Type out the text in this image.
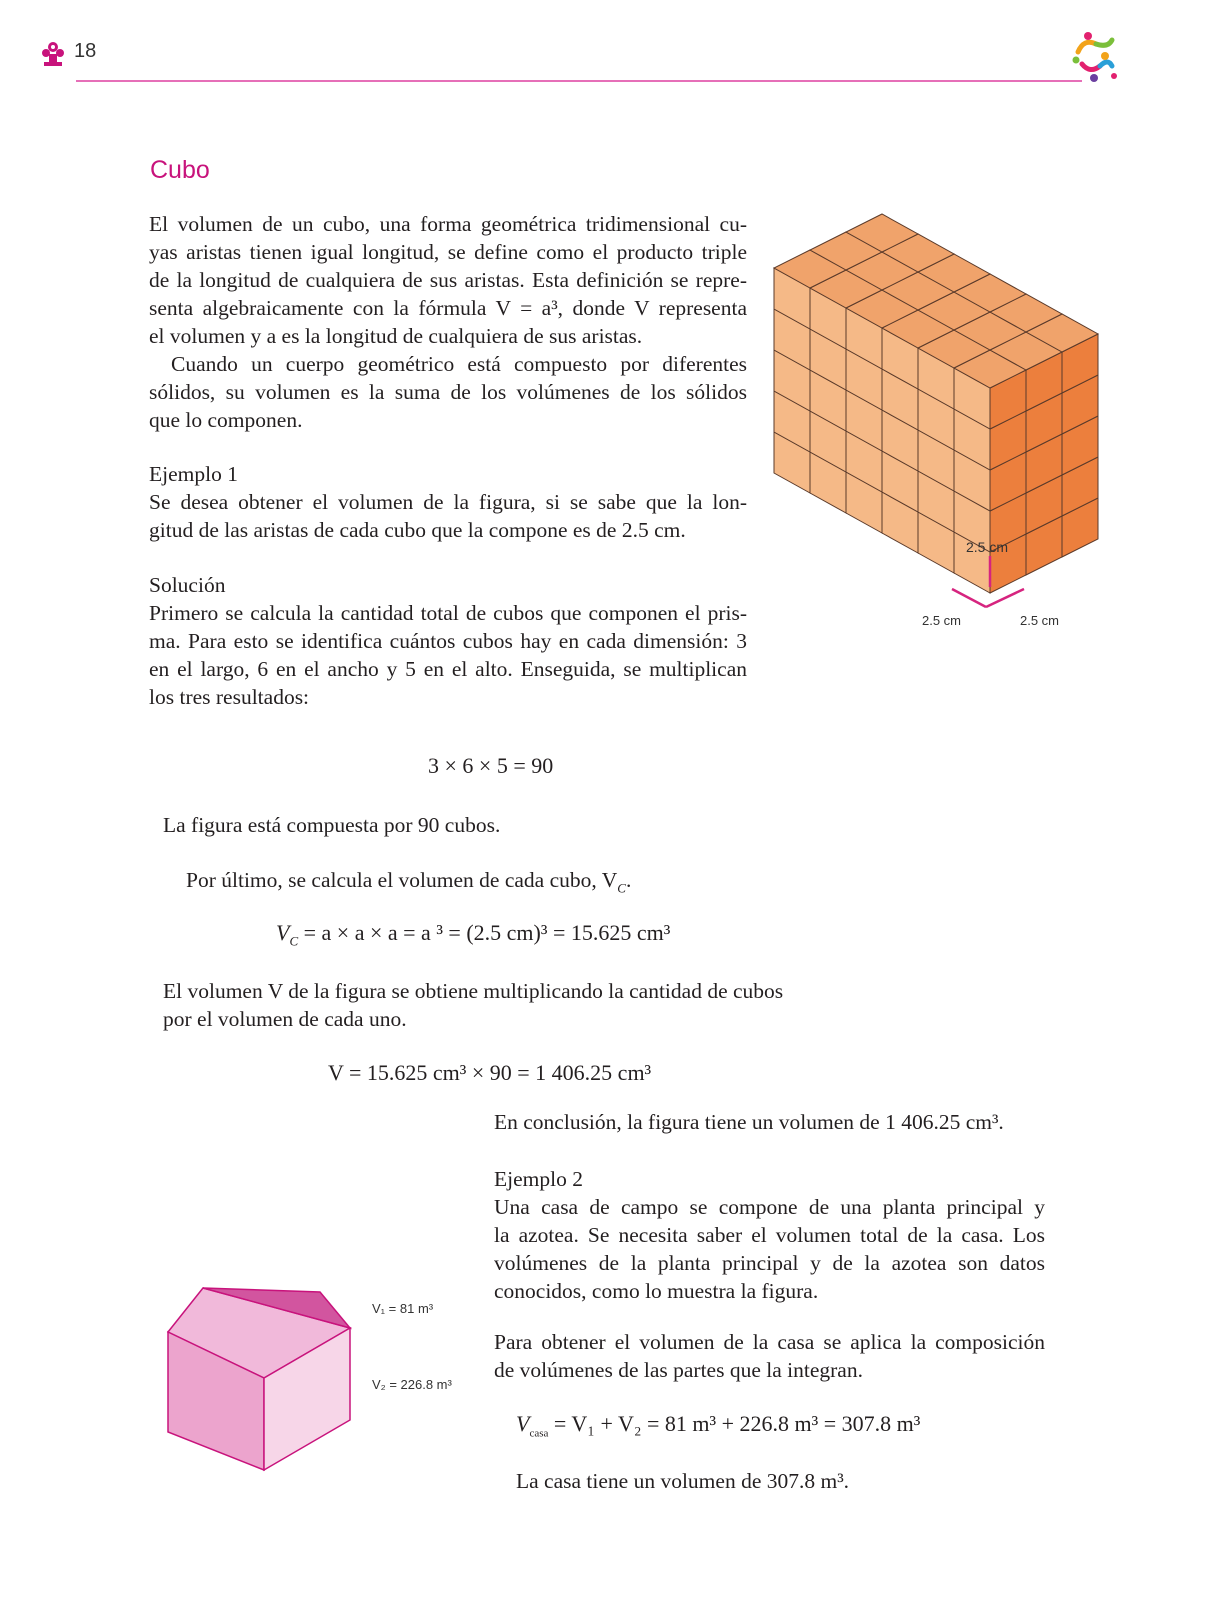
18
Cubo
El volumen de un cubo, una forma geométrica tridimensional cu-
yas aristas tienen igual longitud, se define como el producto triple
de la longitud de cualquiera de sus aristas. Esta definición se repre-
senta algebraicamente con la fórmula V = a³, donde V representa
el volumen y a es la longitud de cualquiera de sus aristas.
Cuando un cuerpo geométrico está compuesto por diferentes
sólidos, su volumen es la suma de los volúmenes de los sólidos
que lo componen.
Ejemplo 1
Se desea obtener el volumen de la figura, si se sabe que la lon-
gitud de las aristas de cada cubo que la compone es de 2.5 cm.
Solución
Primero se calcula la cantidad total de cubos que componen el pris-
ma. Para esto se identifica cuántos cubos hay en cada dimensión: 3
en el largo, 6 en el ancho y 5 en el alto. Enseguida, se multiplican
los tres resultados:
2.5 cm
2.5 cm	2.5 cm
3 × 6 × 5 = 90
La figura está compuesta por 90 cubos.
Por último, se calcula el volumen de cada cubo, $V_C$.
$V_C = a \times a \times a = a$ ³ = (2.5 cm)³ = 15.625 cm³
El volumen V de la figura se obtiene multiplicando la cantidad de cubos
por el volumen de cada uno.
V = 15.625 cm³ × 90 = 1 406.25 cm³
En conclusión, la figura tiene un volumen de 1 406.25 cm³.
Ejemplo 2
Una casa de campo se compone de una planta principal y
la azotea. Se necesita saber el volumen total de la casa. Los
volúmenes de la planta principal y de la azotea son datos
conocidos, como lo muestra la figura.
Para obtener el volumen de la casa se aplica la composición
de volúmenes de las partes que la integran.
$V_{casa} = V_1 + V_2 = 81$ m³ + 226.8 m³ = 307.8 m³
La casa tiene un volumen de 307.8 m³.
V₁ = 81 m³
V₂ = 226.8 m³
